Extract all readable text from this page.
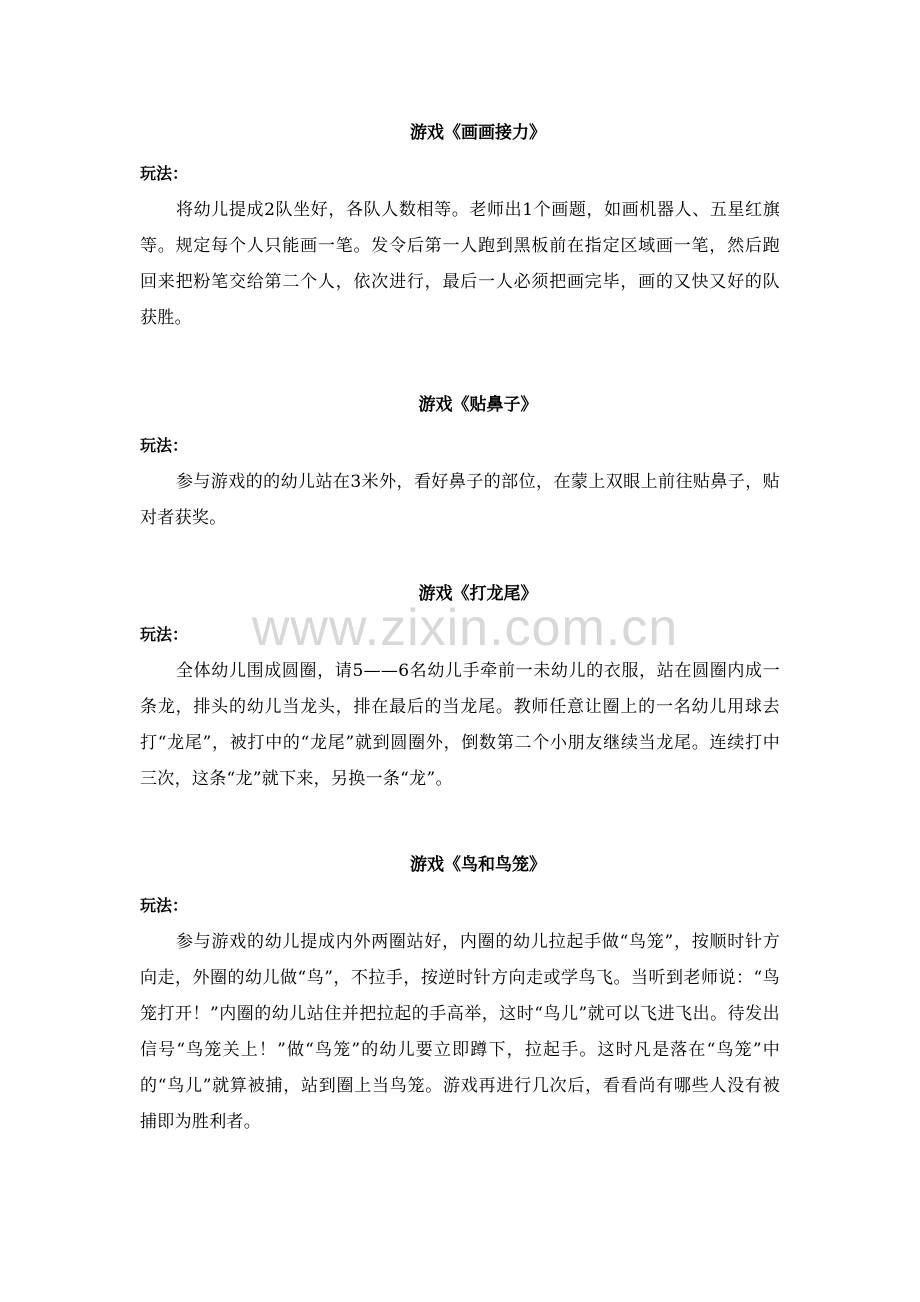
www.zixin.com.cn
游戏《画画接力》
玩法：

将幼儿提成2队坐好，各队人数相等。老师出1个画题，如画机器人、五星红旗等。规定每个人只能画一笔。发令后第一人跑到黑板前在指定区域画一笔，然后跑回来把粉笔交给第二个人，依次进行，最后一人必须把画完毕，画的又快又好的队获胜。

游戏《贴鼻子》
玩法：

参与游戏的的幼儿站在3米外，看好鼻子的部位，在蒙上双眼上前往贴鼻子，贴对者获奖。

游戏《打龙尾》
玩法：

全体幼儿围成圆圈，请5——6名幼儿手牵前一未幼儿的衣服，站在圆圈内成一条龙，排头的幼儿当龙头，排在最后的当龙尾。教师任意让圈上的一名幼儿用球去打“龙尾”，被打中的“龙尾”就到圆圈外，倒数第二个小朋友继续当龙尾。连续打中三次，这条“龙”就下来，另换一条“龙”。

游戏《鸟和鸟笼》
玩法：

参与游戏的幼儿提成内外两圈站好，内圈的幼儿拉起手做“鸟笼”，按顺时针方向走，外圈的幼儿做“鸟”，不拉手，按逆时针方向走或学鸟飞。当听到老师说：“鸟笼打开！”内圈的幼儿站住并把拉起的手高举，这时“鸟儿”就可以飞进飞出。待发出信号“鸟笼关上！”做“鸟笼”的幼儿要立即蹲下，拉起手。这时凡是落在“鸟笼”中的“鸟儿”就算被捕，站到圈上当鸟笼。游戏再进行几次后，看看尚有哪些人没有被捕即为胜利者。
